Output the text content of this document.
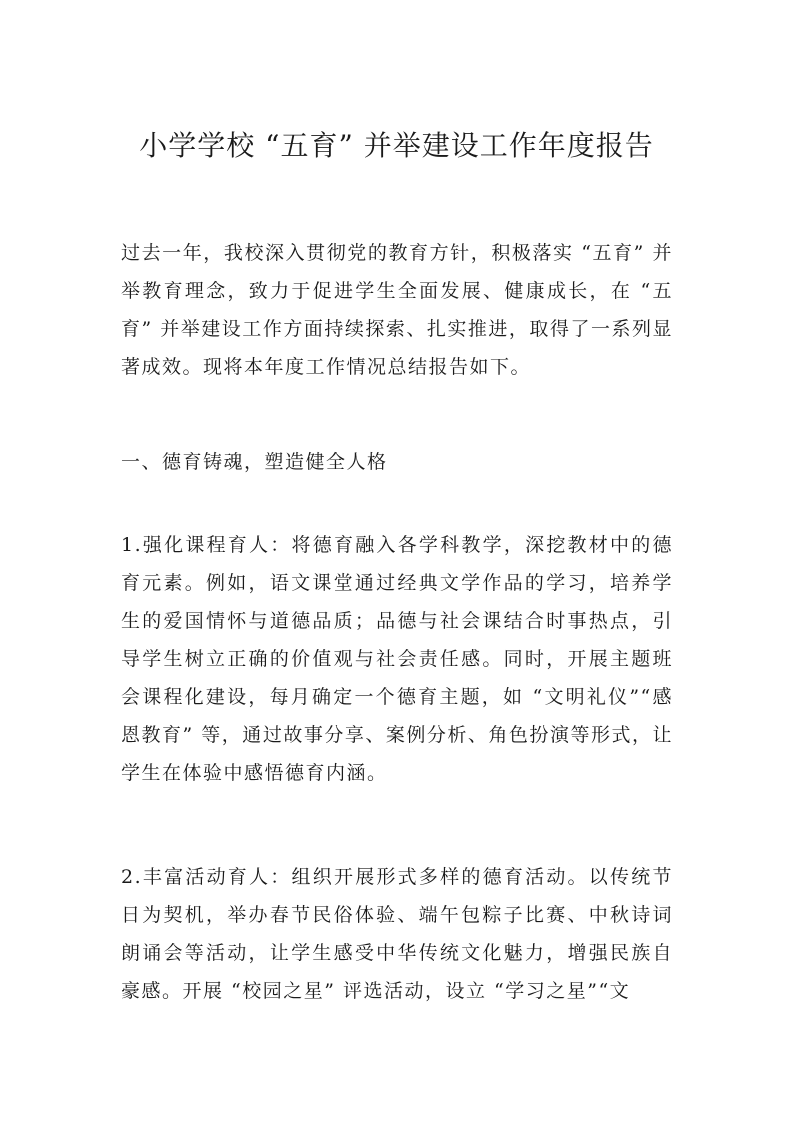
小学学校 “五育” 并举建设工作年度报告

过去一年，我校深入贯彻党的教育方针，积极落实 “五育” 并举教育理念，致力于促进学生全面发展、健康成长，在 “五育” 并举建设工作方面持续探索、扎实推进，取得了一系列显著成效。现将本年度工作情况总结报告如下。

一、德育铸魂，塑造健全人格

1.强化课程育人：将德育融入各学科教学，深挖教材中的德育元素。例如，语文课堂通过经典文学作品的学习，培养学生的爱国情怀与道德品质；品德与社会课结合时事热点，引导学生树立正确的价值观与社会责任感。同时，开展主题班会课程化建设，每月确定一个德育主题，如 “文明礼仪”“感恩教育” 等，通过故事分享、案例分析、角色扮演等形式，让学生在体验中感悟德育内涵。

2.丰富活动育人：组织开展形式多样的德育活动。以传统节日为契机，举办春节民俗体验、端午包粽子比赛、中秋诗词朗诵会等活动，让学生感受中华传统文化魅力，增强民族自豪感。开展 “校园之星” 评选活动，设立 “学习之星”“文
